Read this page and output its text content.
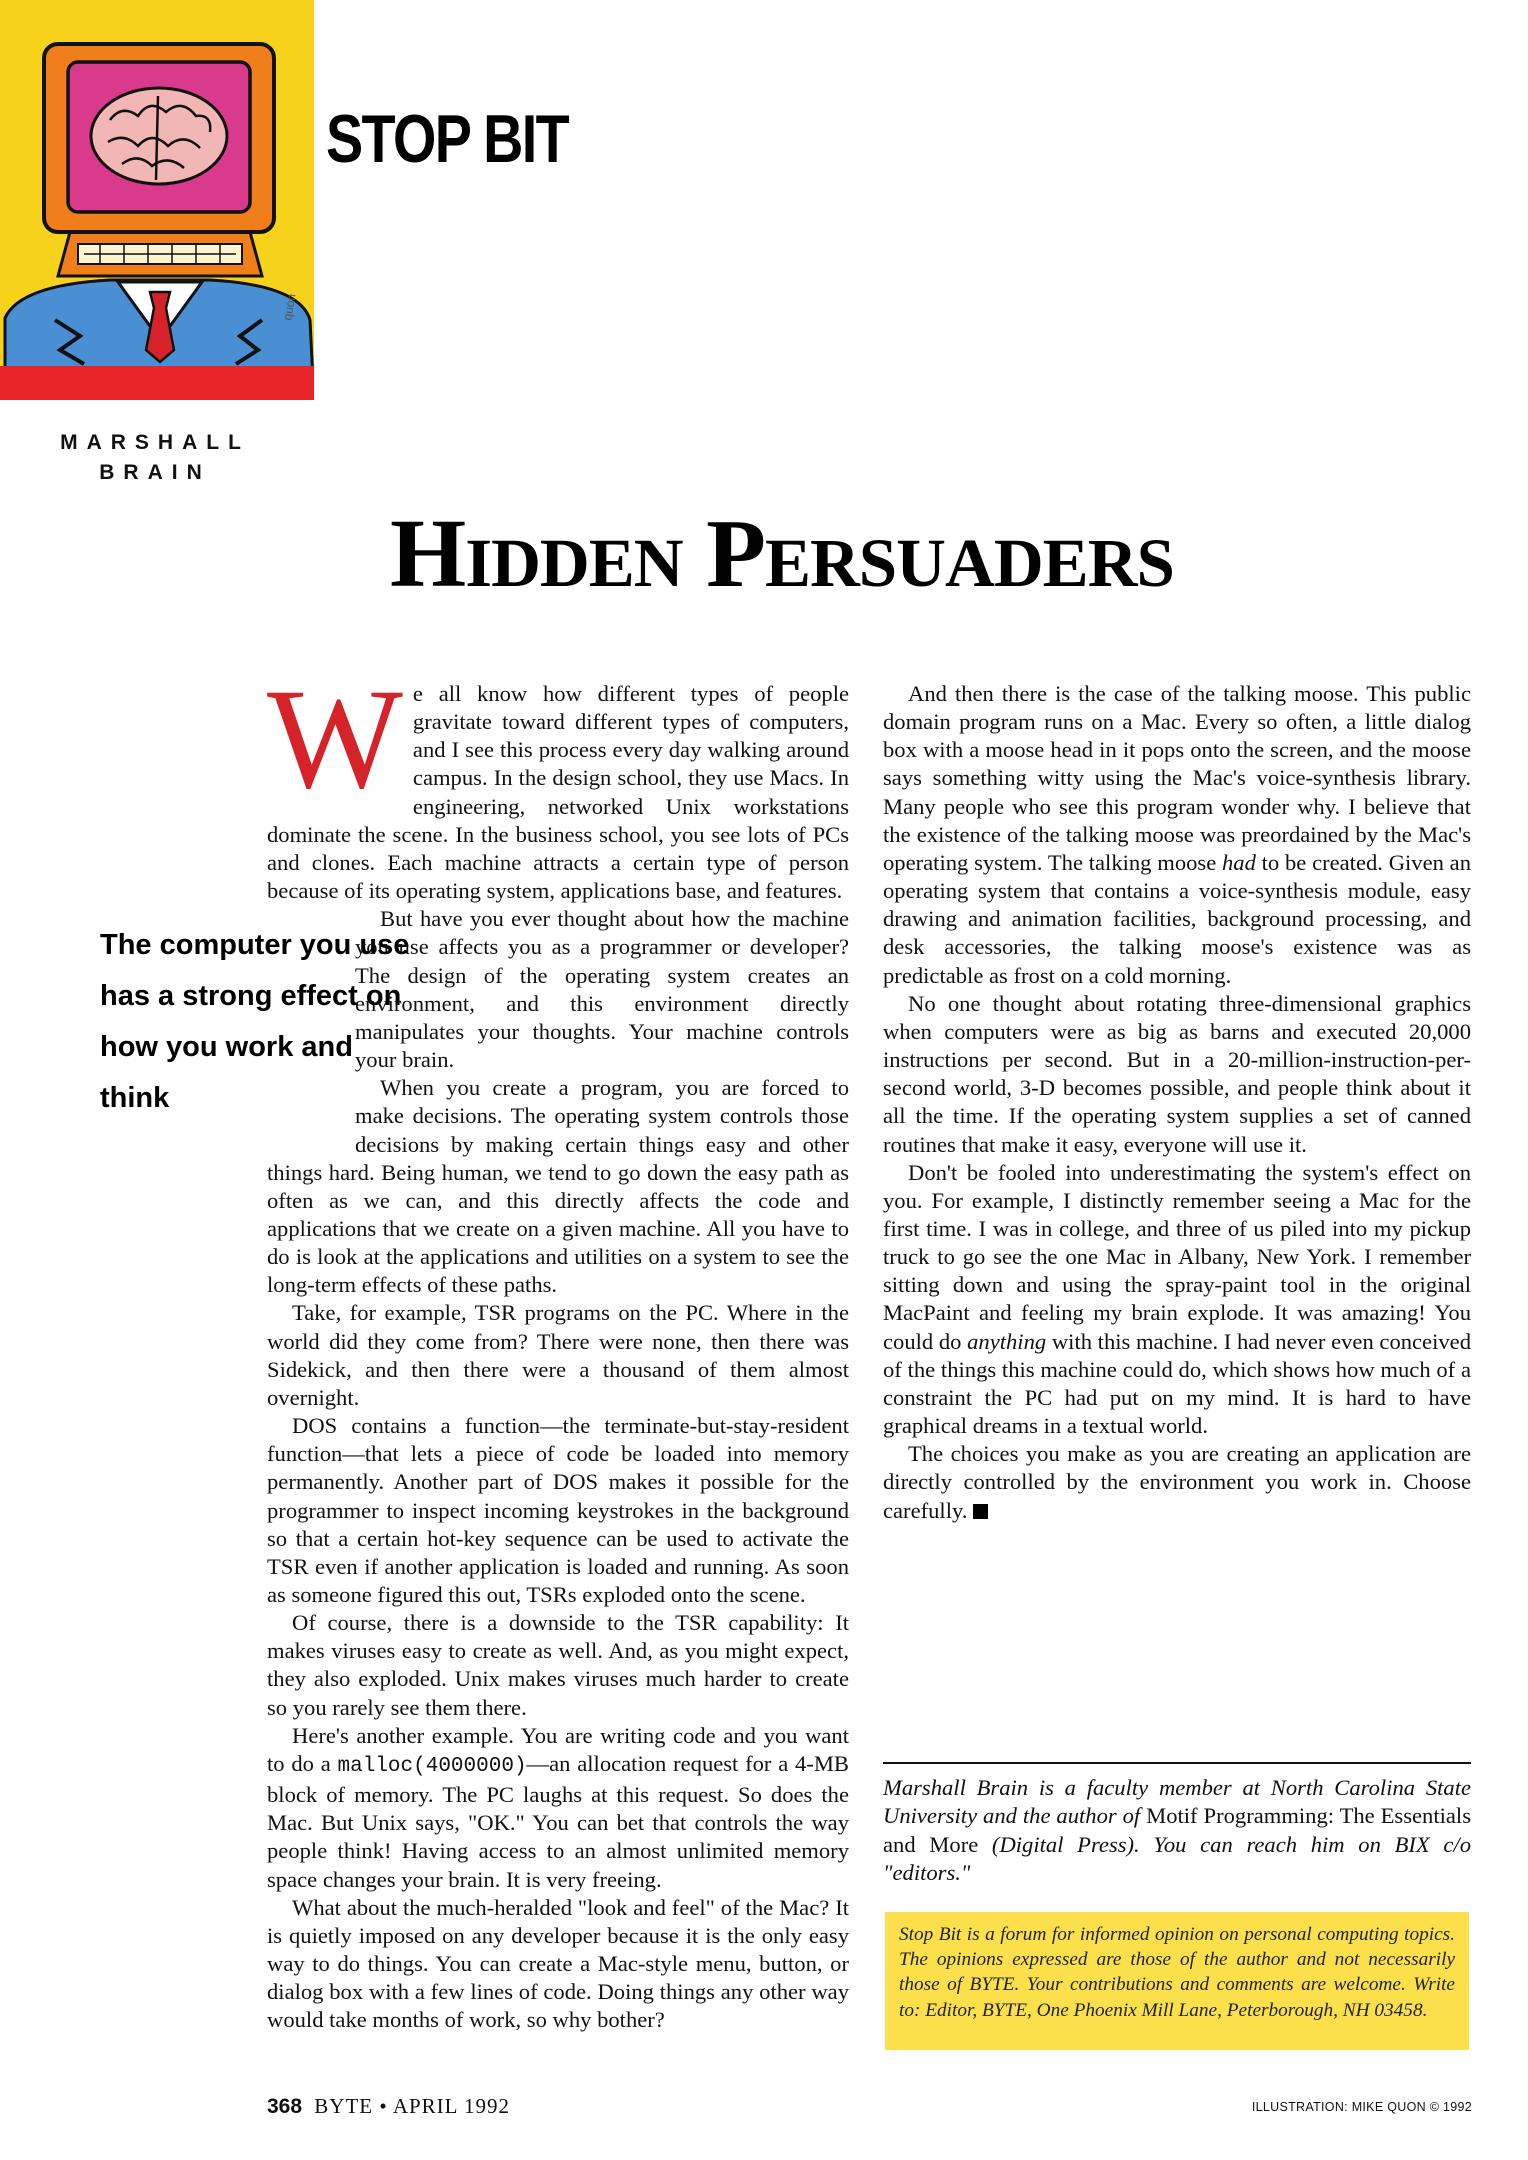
quon
STOP BIT
MARSHALL
BRAIN
Hidden Persuaders
The computer you use has a strong effect on how you work and think

We all know how different types of people gravitate toward different types of computers, and I see this process every day walking around campus. In the design school, they use Macs. In engineering, networked Unix workstations dominate the scene. In the business school, you see lots of PCs and clones. Each machine attracts a certain type of person because of its operating system, applications base, and features.

But have you ever thought about how the machine you use affects you as a programmer or developer? The design of the operating system creates an environment, and this environment directly manipulates your thoughts. Your machine controls your brain.

When you create a program, you are forced to make decisions. The operating system controls those decisions by making certain things easy and other things hard. Being human, we tend to go down the easy path as often as we can, and this directly affects the code and applications that we create on a given machine. All you have to do is look at the applications and utilities on a system to see the long-term effects of these paths.

Take, for example, TSR programs on the PC. Where in the world did they come from? There were none, then there was Sidekick, and then there were a thousand of them almost overnight.

DOS contains a function—the terminate-but-stay-resident function—that lets a piece of code be loaded into memory permanently. Another part of DOS makes it possible for the programmer to inspect incoming keystrokes in the background so that a certain hot-key sequence can be used to activate the TSR even if another application is loaded and running. As soon as someone figured this out, TSRs exploded onto the scene.

Of course, there is a downside to the TSR capability: It makes viruses easy to create as well. And, as you might expect, they also exploded. Unix makes viruses much harder to create so you rarely see them there.

Here's another example. You are writing code and you want to do a malloc(4000000)—an allocation request for a 4-MB block of memory. The PC laughs at this request. So does the Mac. But Unix says, "OK." You can bet that controls the way people think! Having access to an almost unlimited memory space changes your brain. It is very freeing.

What about the much-heralded "look and feel" of the Mac? It is quietly imposed on any developer because it is the only easy way to do things. You can create a Mac-style menu, button, or dialog box with a few lines of code. Doing things any other way would take months of work, so why bother?

And then there is the case of the talking moose. This public domain program runs on a Mac. Every so often, a little dialog box with a moose head in it pops onto the screen, and the moose says something witty using the Mac's voice-synthesis library. Many people who see this program wonder why. I believe that the existence of the talking moose was preordained by the Mac's operating system. The talking moose had to be created. Given an operating system that contains a voice-synthesis module, easy drawing and animation facilities, background processing, and desk accessories, the talking moose's existence was as predictable as frost on a cold morning.

No one thought about rotating three-dimensional graphics when computers were as big as barns and executed 20,000 instructions per second. But in a 20-million-instruction-per-second world, 3-D becomes possible, and people think about it all the time. If the operating system supplies a set of canned routines that make it easy, everyone will use it.

Don't be fooled into underestimating the system's effect on you. For example, I distinctly remember seeing a Mac for the first time. I was in college, and three of us piled into my pickup truck to go see the one Mac in Albany, New York. I remember sitting down and using the spray-paint tool in the original MacPaint and feeling my brain explode. It was amazing! You could do anything with this machine. I had never even conceived of the things this machine could do, which shows how much of a constraint the PC had put on my mind. It is hard to have graphical dreams in a textual world.

The choices you make as you are creating an application are directly controlled by the environment you work in. Choose carefully.

Marshall Brain is a faculty member at North Carolina State University and the author of Motif Programming: The Essentials and More (Digital Press). You can reach him on BIX c/o "editors."
Stop Bit is a forum for informed opinion on personal computing topics. The opinions expressed are those of the author and not necessarily those of BYTE. Your contributions and comments are welcome. Write to: Editor, BYTE, One Phoenix Mill Lane, Peterborough, NH 03458.
368 BYTE • APRIL 1992	ILLUSTRATION: MIKE QUON © 1992
